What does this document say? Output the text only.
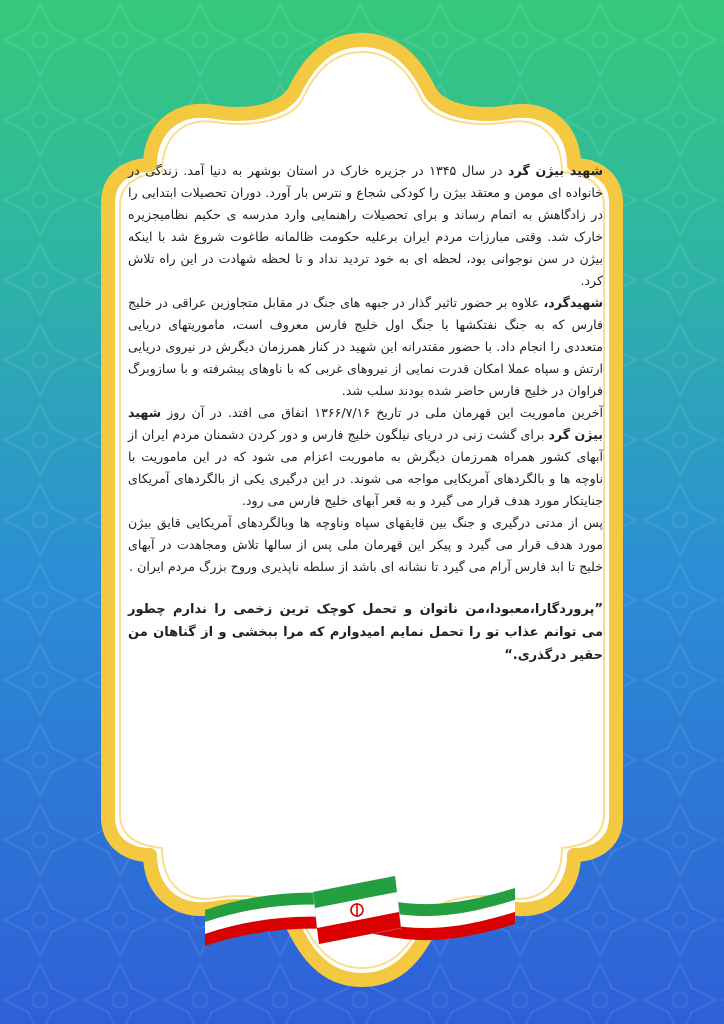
شهید بیژن گرد در سال ۱۳۴۵ در جزیره خارک در استان بوشهر به دنیا آمد. زندگی در خانواده ای مومن و معتقد بیژن را کودکی شجاع و نترس بار آورد. دوران تحصیلات ابتدایی را در زادگاهش به اتمام رساند و برای تحصیلات راهنمایی وارد مدرسه ی حکیم نظامیجزیره خارک شد. وقتی مبارزات مردم ایران برعلیه حکومت ظالمانه طاغوت شروع شد با اینکه بیژن در سن نوجوانی بود، لحظه ای به خود تردید نداد و تا لحظه شهادت در این راه تلاش کرد.

شهیدگرد، علاوه بر حضور تاثیر گذار در جبهه های جنگ در مقابل متجاوزین عراقی در خلیج فارس که به جنگ نفتکشها یا جنگ اول خلیج فارس معروف است، ماموریتهای دریایی متعددی را انجام داد. با حضور مقتدرانه این شهید در کنار همرزمان دیگرش در نیروی دریایی ارتش و سپاه عملا امکان قدرت نمایی از نیروهای غربی که با ناوهای پیشرفته و با سازوبرگ فراوان در خلیج فارس حاضر شده بودند سلب شد.

آخرین ماموریت این قهرمان ملی در تاریخ ۱۳۶۶/۷/۱۶ اتفاق می افتد. در آن روز شهید بیژن گرد برای گشت زنی در دریای نیلگون خلیج فارس و دور کردن دشمنان مردم ایران از آبهای کشور همراه همرزمان دیگرش به ماموریت اعزام می شود که در این ماموریت با ناوچه ها و بالگردهای آمریکایی مواجه می شوند. در این درگیری یکی از بالگردهای آمریکای جنایتکار مورد هدف قرار می گیرد و به قعر آبهای خلیج فارس می رود.

پس از مدتی درگیری و جنگ بین قایقهای سپاه وناوچه ها وبالگردهای آمریکایی قایق بیژن مورد هدف قرار می گیرد و پیکر این قهرمان ملی پس از سالها تلاش ومجاهدت در آبهای خلیج تا ابد فارس آرام می گیرد تا نشانه ای باشد از سلطه ناپذیری وروح بزرگ مردم ایران .

”پروردگارا،معبودا،من ناتوان و تحمل کوچک ترین زخمی را ندارم چطور می توانم عذاب تو را تحمل نمایم امیدوارم که مرا ببخشی و از گناهان من حقیر درگذری.“
